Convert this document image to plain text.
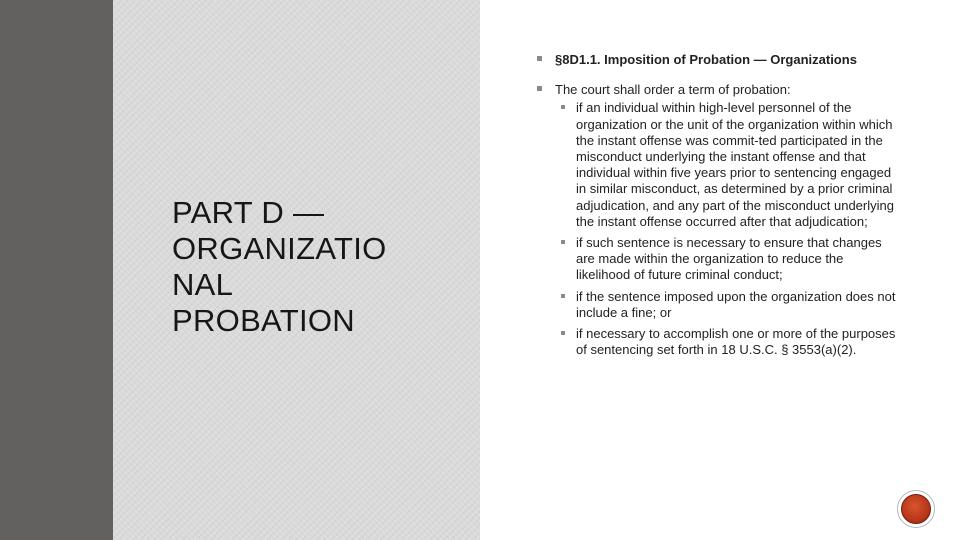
PART D —
ORGANIZATIO
NAL
PROBATION
§8D1.1. Imposition of Probation — Organizations
The court shall order a term of probation:
if an individual within high-level personnel of the organization or the unit of the organization within which the instant offense was commit-ted participated in the misconduct underlying the instant offense and that individual within five years prior to sentencing engaged in similar misconduct, as determined by a prior criminal adjudication, and any part of the misconduct underlying the instant offense occurred after that adjudication;
if such sentence is necessary to ensure that changes are made within the organization to reduce the likelihood of future criminal conduct;
if the sentence imposed upon the organization does not include a fine; or
if necessary to accomplish one or more of the purposes of sentencing set forth in 18 U.S.C. § 3553(a)(2).
